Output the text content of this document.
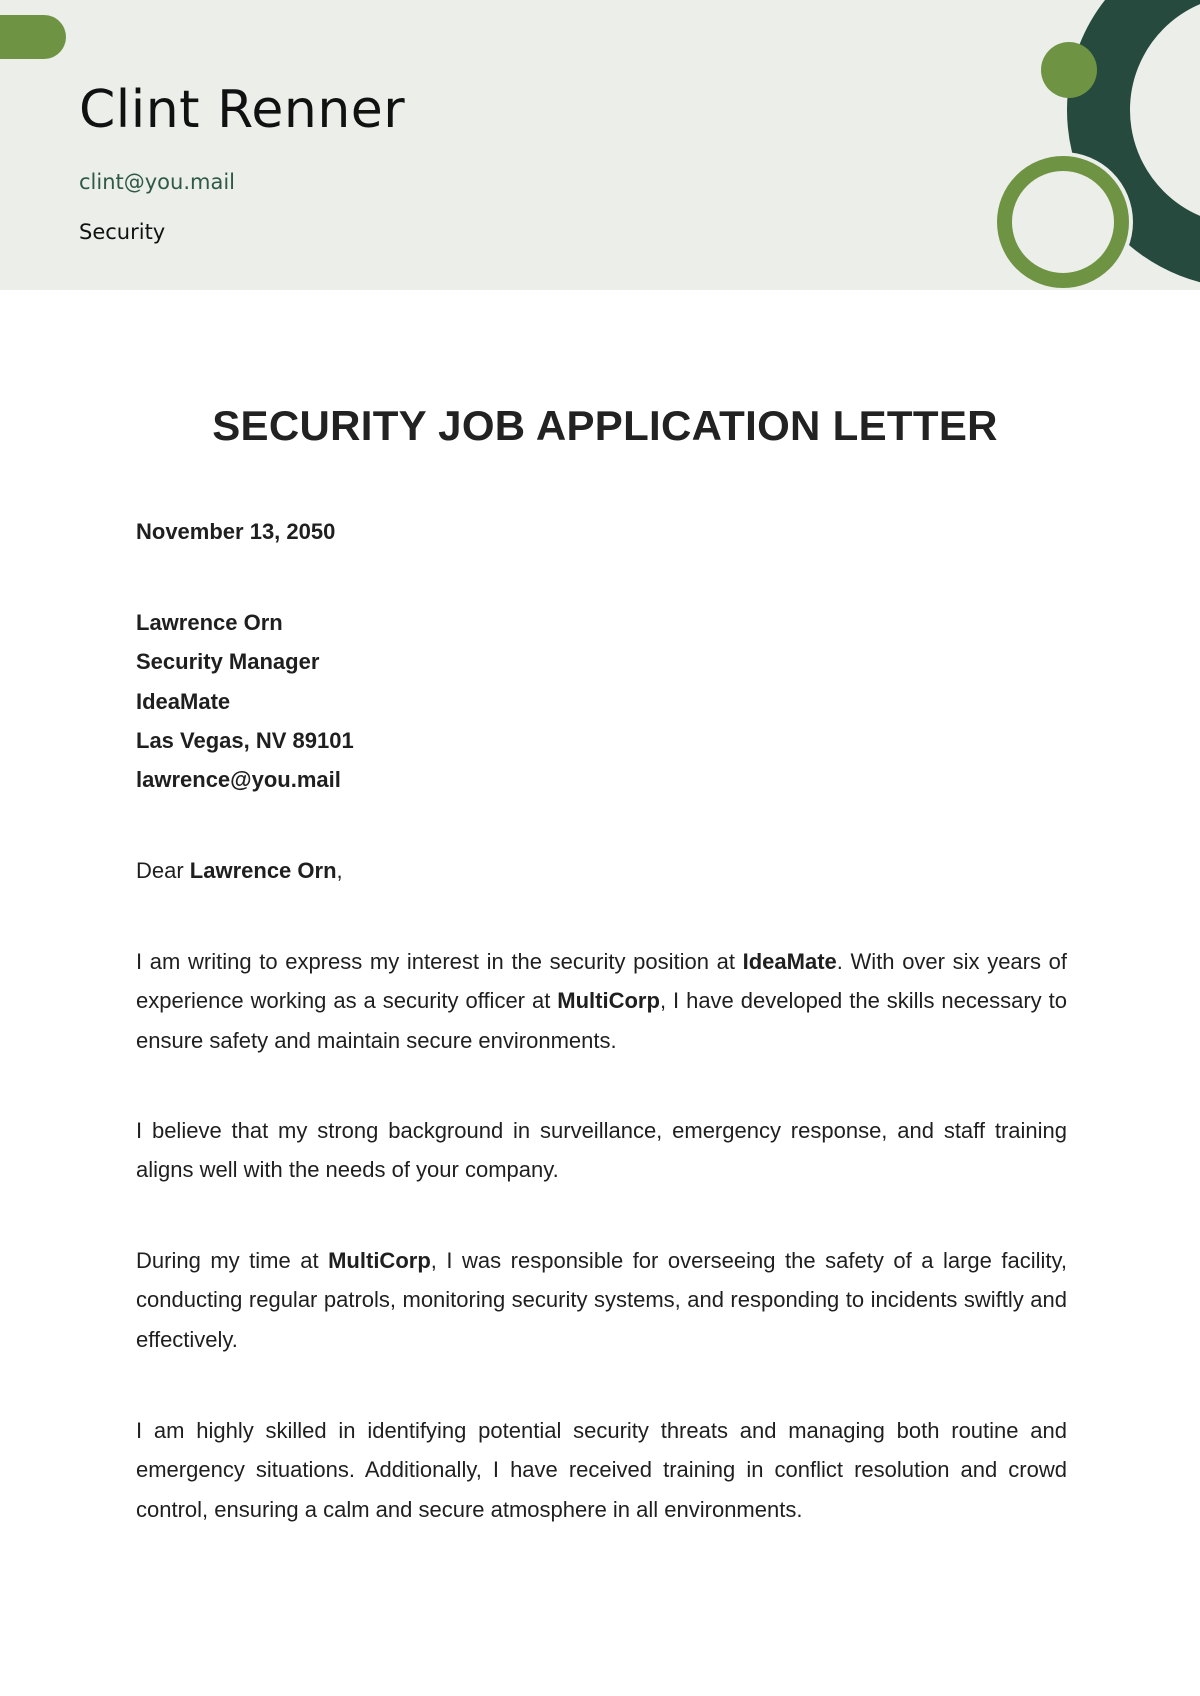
Clint Renner
clint@you.mail
Security
SECURITY JOB APPLICATION LETTER
November 13, 2050
Lawrence Orn
Security Manager
IdeaMate
Las Vegas, NV 89101
lawrence@you.mail
Dear Lawrence Orn,

I am writing to express my interest in the security position at IdeaMate. With over six years of experience working as a security officer at MultiCorp, I have developed the skills necessary to ensure safety and maintain secure environments.

I believe that my strong background in surveillance, emergency response, and staff training aligns well with the needs of your company.

During my time at MultiCorp, I was responsible for overseeing the safety of a large facility, conducting regular patrols, monitoring security systems, and responding to incidents swiftly and effectively.

I am highly skilled in identifying potential security threats and managing both routine and emergency situations. Additionally, I have received training in conflict resolution and crowd control, ensuring a calm and secure atmosphere in all environments.
